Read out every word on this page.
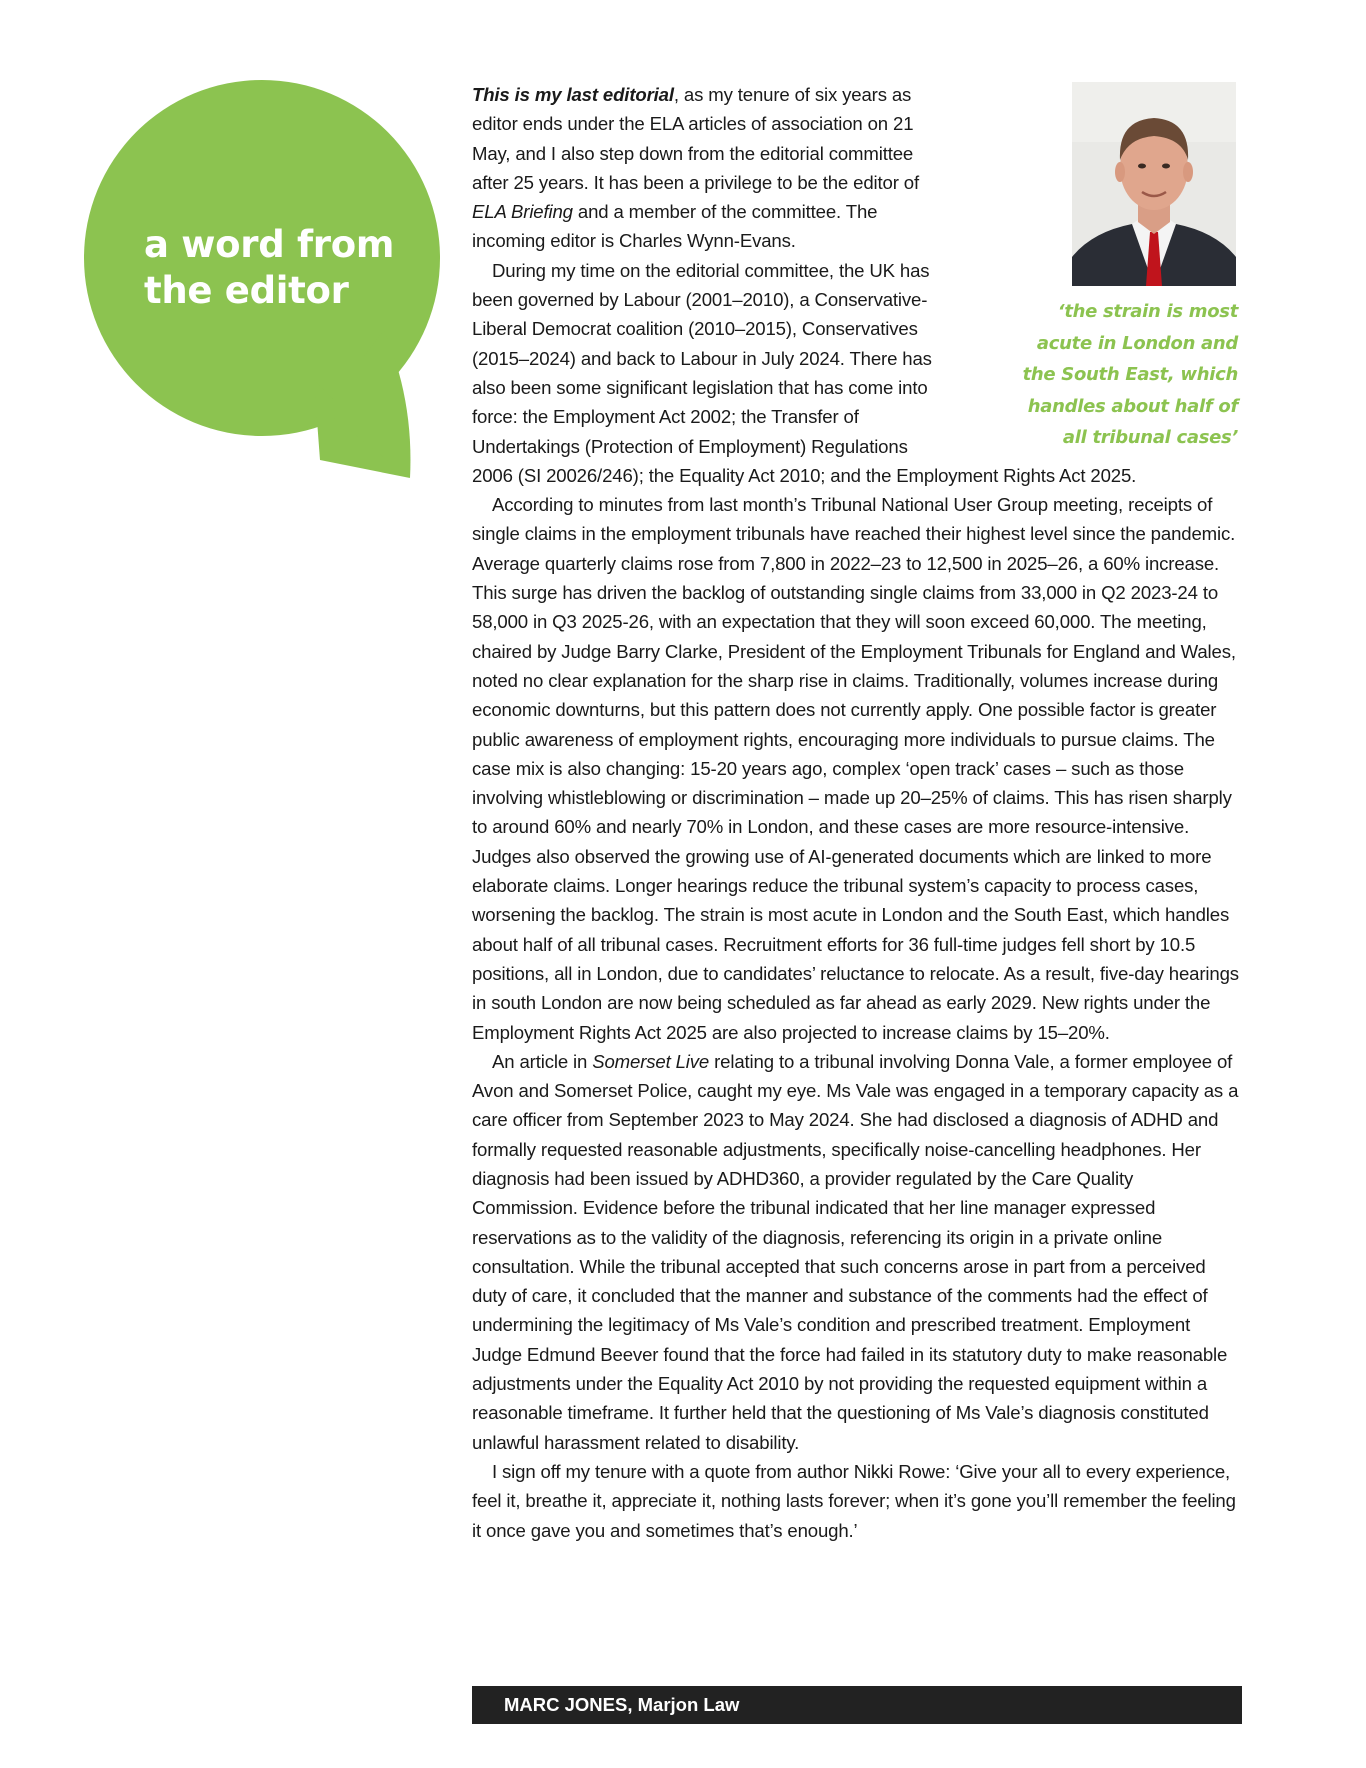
a word from
the editor	‘the strain is most
acute in London and
the South East, which
handles about half of
all tribunal cases’

This is my last editorial, as my tenure of six years as editor ends under the ELA articles of association on 21 May, and I also step down from the editorial committee after 25 years. It has been a privilege to be the editor of ELA Briefing and a member of the committee. The incoming editor is Charles Wynn-Evans.

During my time on the editorial committee, the UK has been governed by Labour (2001–2010), a Conservative-Liberal Democrat coalition (2010–2015), Conservatives (2015–2024) and back to Labour in July 2024. There has also been some significant legislation that has come into force: the Employment Act 2002; the Transfer of Undertakings (Protection of Employment) Regulations

2006 (SI 20026/246); the Equality Act 2010; and the Employment Rights Act 2025.

According to minutes from last month’s Tribunal National User Group meeting, receipts of single claims in the employment tribunals have reached their highest level since the pandemic. Average quarterly claims rose from 7,800 in 2022–23 to 12,500 in 2025–26, a 60% increase. This surge has driven the backlog of outstanding single claims from 33,000 in Q2 2023-24 to 58,000 in Q3 2025-26, with an expectation that they will soon exceed 60,000. The meeting, chaired by Judge Barry Clarke, President of the Employment Tribunals for England and Wales, noted no clear explanation for the sharp rise in claims. Traditionally, volumes increase during economic downturns, but this pattern does not currently apply. One possible factor is greater public awareness of employment rights, encouraging more individuals to pursue claims. The case mix is also changing: 15-20 years ago, complex ‘open track’ cases – such as those involving whistleblowing or discrimination – made up 20–25% of claims. This has risen sharply to around 60% and nearly 70% in London, and these cases are more resource-intensive. Judges also observed the growing use of AI-generated documents which are linked to more elaborate claims. Longer hearings reduce the tribunal system’s capacity to process cases, worsening the backlog. The strain is most acute in London and the South East, which handles about half of all tribunal cases. Recruitment efforts for 36 full-time judges fell short by 10.5 positions, all in London, due to candidates’ reluctance to relocate. As a result, five-day hearings in south London are now being scheduled as far ahead as early 2029. New rights under the Employment Rights Act 2025 are also projected to increase claims by 15–20%.

An article in Somerset Live relating to a tribunal involving Donna Vale, a former employee of Avon and Somerset Police, caught my eye. Ms Vale was engaged in a temporary capacity as a care officer from September 2023 to May 2024. She had disclosed a diagnosis of ADHD and formally requested reasonable adjustments, specifically noise-cancelling headphones. Her diagnosis had been issued by ADHD360, a provider regulated by the Care Quality Commission. Evidence before the tribunal indicated that her line manager expressed reservations as to the validity of the diagnosis, referencing its origin in a private online consultation. While the tribunal accepted that such concerns arose in part from a perceived duty of care, it concluded that the manner and substance of the comments had the effect of undermining the legitimacy of Ms Vale’s condition and prescribed treatment. Employment Judge Edmund Beever found that the force had failed in its statutory duty to make reasonable adjustments under the Equality Act 2010 by not providing the requested equipment within a reasonable timeframe. It further held that the questioning of Ms Vale’s diagnosis constituted unlawful harassment related to disability.

I sign off my tenure with a quote from author Nikki Rowe: ‘Give your all to every experience, feel it, breathe it, appreciate it, nothing lasts forever; when it’s gone you’ll remember the feeling it once gave you and sometimes that’s enough.’

MARC JONES, Marjon Law
